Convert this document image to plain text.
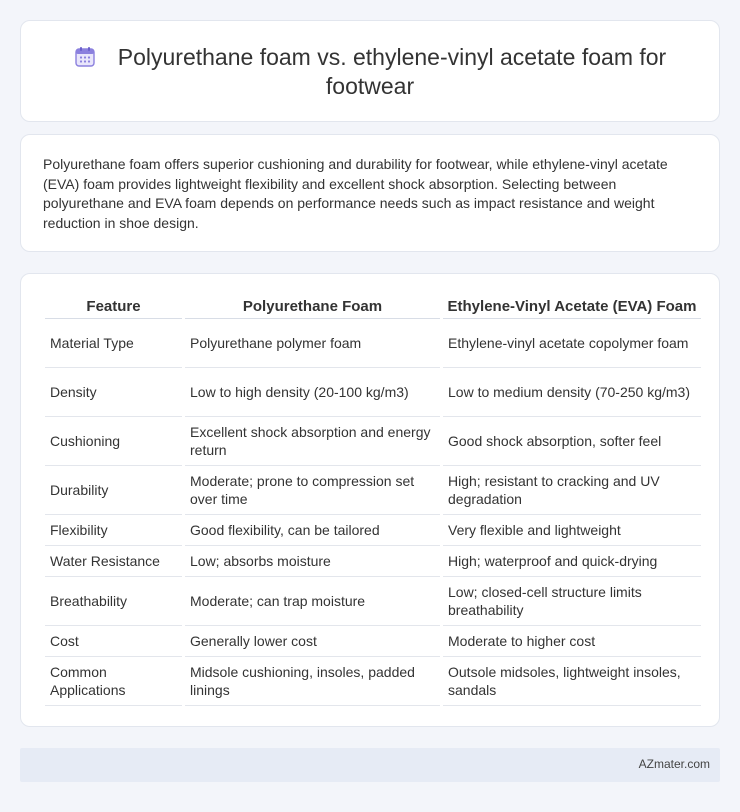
Polyurethane foam vs. ethylene-vinyl acetate foam for footwear

Polyurethane foam offers superior cushioning and durability for footwear, while ethylene-vinyl acetate (EVA) foam provides lightweight flexibility and excellent shock absorption. Selecting between polyurethane and EVA foam depends on performance needs such as impact resistance and weight reduction in shoe design.

Feature	Polyurethane Foam	Ethylene-Vinyl Acetate (EVA) Foam
Material Type	Polyurethane polymer foam	Ethylene-vinyl acetate copolymer foam
Density	Low to high density (20-100 kg/m3)	Low to medium density (70-250 kg/m3)
Cushioning	Excellent shock absorption and energy return	Good shock absorption, softer feel
Durability	Moderate; prone to compression set over time	High; resistant to cracking and UV degradation
Flexibility	Good flexibility, can be tailored	Very flexible and lightweight
Water Resistance	Low; absorbs moisture	High; waterproof and quick-drying
Breathability	Moderate; can trap moisture	Low; closed-cell structure limits breathability
Cost	Generally lower cost	Moderate to higher cost
Common Applications	Midsole cushioning, insoles, padded linings	Outsole midsoles, lightweight insoles, sandals
AZmater.com
